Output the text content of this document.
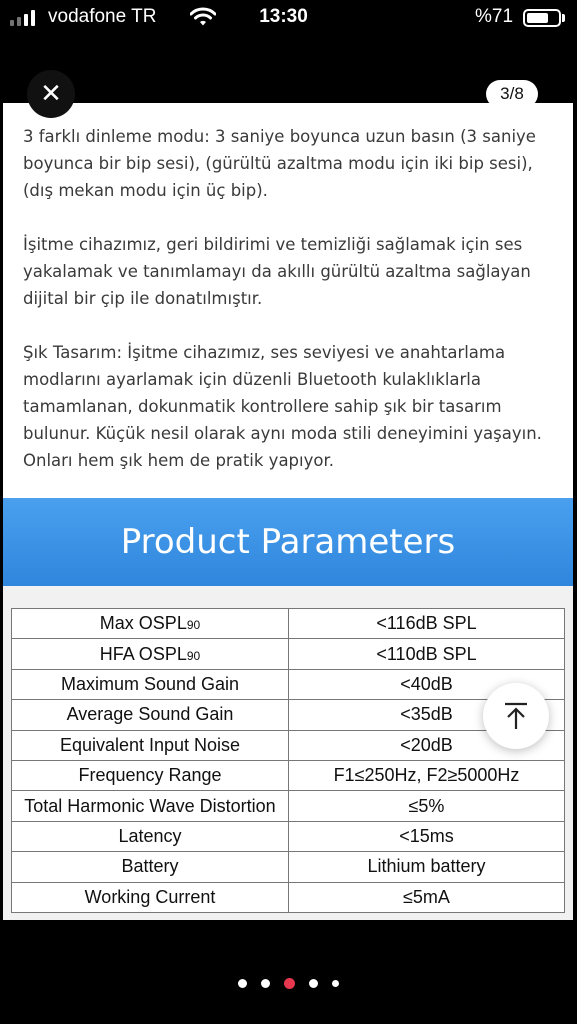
vodafone TR	13:30	%71
✕	3/8

3 farklı dinleme modu: 3 saniye boyunca uzun basın (3 saniye boyunca bir bip sesi), (gürültü azaltma modu için iki bip sesi), (dış mekan modu için üç bip).

İşitme cihazımız, geri bildirimi ve temizliği sağlamak için ses yakalamak ve tanımlamayı da akıllı gürültü azaltma sağlayan dijital bir çip ile donatılmıştır.

Şık Tasarım: İşitme cihazımız, ses seviyesi ve anahtarlama modlarını ayarlamak için düzenli Bluetooth kulaklıklarla tamamlanan, dokunmatik kontrollere sahip şık bir tasarım bulunur. Küçük nesil olarak aynı moda stili deneyimini yaşayın. Onları hem şık hem de pratik yapıyor.

Product Parameters
Max OSPL90	<116dB SPL
HFA OSPL90	<110dB SPL
Maximum Sound Gain	<40dB
Average Sound Gain	<35dB
Equivalent Input Noise	<20dB
Frequency Range	F1≤250Hz, F2≥5000Hz
Total Harmonic Wave Distortion	≤5%
Latency	<15ms
Battery	Lithium battery
Working Current	≤5mA
